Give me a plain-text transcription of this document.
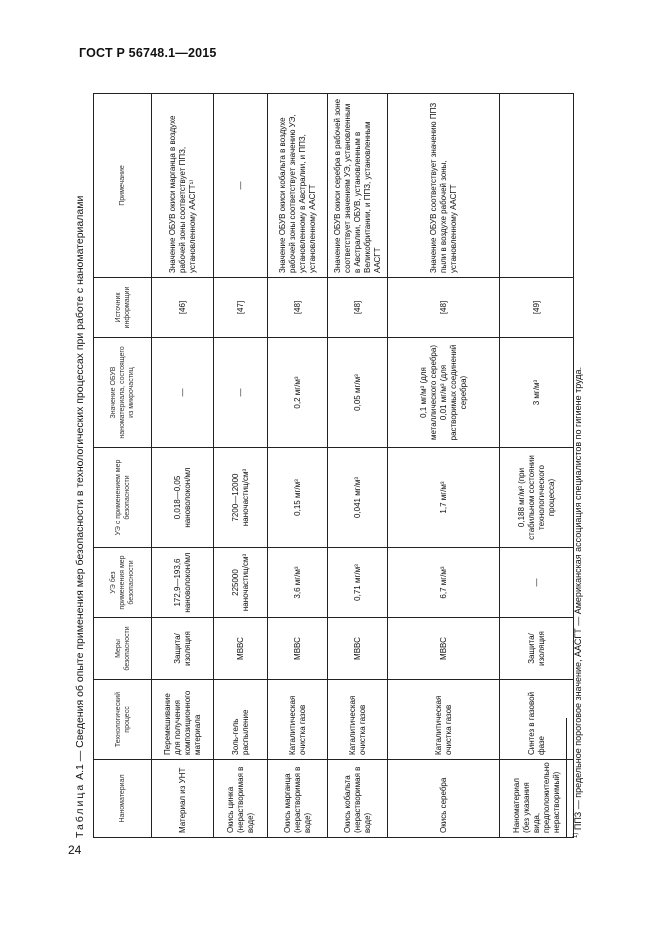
ГОСТ Р 56748.1—2015
Таблица А.1 — Сведения об опыте применения мер безопасности в технологических процессах при работе с наноматериалами
Наноматериал	Технологический процесс	Меры безопасности	УЭ без применения мер безопасности	УЭ с применением мер безопасности	Значение ОБУВ наноматериала, состоящего из микрочастиц	Источник информации	Примечание
Материал из УНТ	Перемешивание для получения композиционного материала	Защита/изоляция	172,9—193,6 нановолокон/мл	0,018—0,05 нановолокон/мл	—	[46]	Значение ОБУВ окиси марганца в воздухе рабочей зоны соответствует ППЗ, установленному ААСГТ¹⁾
Окись цинка (нерастворимая в воде)	Золь-гель распыление	МВВС	225000 наночастиц/см³	7200—12000 наночастиц/см³	—	[47]	—
Окись марганца (нерастворимая в воде)	Каталитическая очистка газов	МВВС	3,6 мг/м³	0,15 мг/м³	0,2 мг/м³	[48]	Значение ОБУВ окиси кобальта в воздухе рабочей зоны соответствует значению УЭ, установленному в Австралии, и ППЗ, установленному ААСГТ
Окись кобальта (нерастворимая в воде)	Каталитическая очистка газов	МВВС	0,71 мг/м³	0,041 мг/м³	0,05 мг/м³	[48]	Значение ОБУВ окиси серебра в рабочей зоне соответствует значениям УЭ, установленным в Австралии, ОБУВ, установленным в Великобритании, и ППЗ, установленным ААСГТ
Окись серебра	Каталитическая очистка газов	МВВС	6,7 мг/м³	1,7 мг/м³	0,1 мг/м³ (для металлического серебра) 0,01 мг/м³ (для растворимых соединений серебра)	[48]	Значение ОБУВ соответствует значению ППЗ пыли в воздухе рабочей зоны, установленному ААСГТ
Наноматериал (без указания вида, предположительно нерастворимый)	Синтез в газовой фазе	Защита/изоляция	—	0,188 мг/м³ (при стабильном состоянии технологического процесса)	3 мг/м³	[49]	
$^{1)}$ ППЗ — предельное пороговое значение, ААСГТ — Американская ассоциация специалистов по гигиене труда.
24
